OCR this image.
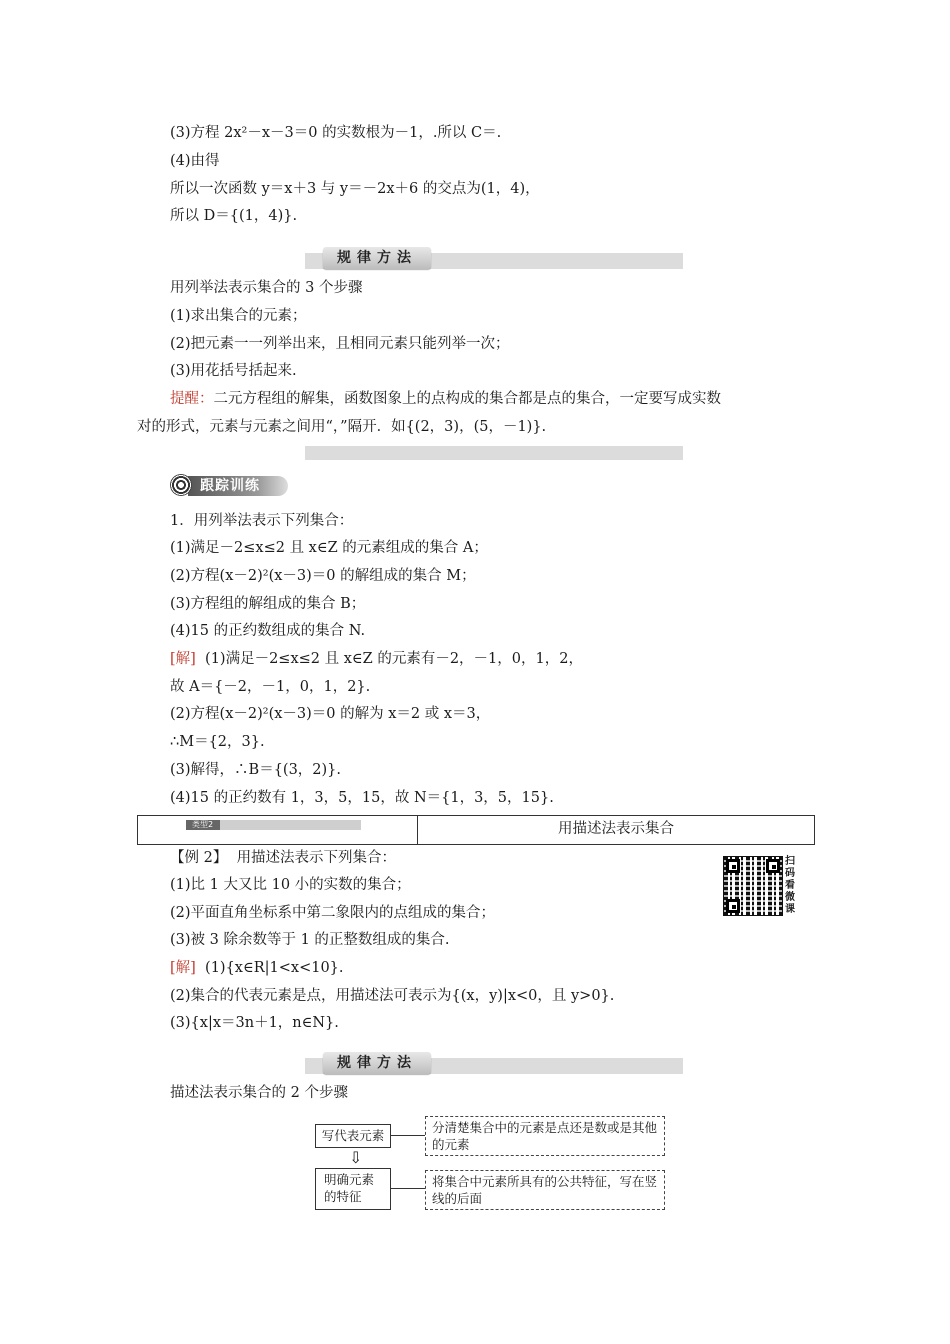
(3)方程 2x²－x－3＝0 的实数根为－1，.所以 C＝.
(4)由得
所以一次函数 y＝x＋3 与 y＝－2x＋6 的交点为(1，4)，
所以 D＝{(1，4)}.
规律方法
用列举法表示集合的 3 个步骤
(1)求出集合的元素；
(2)把元素一一列举出来，且相同元素只能列举一次；
(3)用花括号括起来.
提醒：二元方程组的解集，函数图象上的点构成的集合都是点的集合，一定要写成实数
对的形式，元素与元素之间用“，”隔开．如{(2，3)，(5，－1)}.
跟踪训练
1．用列举法表示下列集合：
(1)满足－2≤x≤2 且 x∈Z 的元素组成的集合 A；
(2)方程(x－2)²(x－3)＝0 的解组成的集合 M；
(3)方程组的解组成的集合 B；
(4)15 的正约数组成的集合 N.
[解] (1)满足－2≤x≤2 且 x∈Z 的元素有－2，－1，0，1，2，
故 A＝{－2，－1，0，1，2}.
(2)方程(x－2)²(x－3)＝0 的解为 x＝2 或 x＝3，
∴M＝{2，3}.
(3)解得，∴B＝{(3，2)}.
(4)15 的正约数有 1，3，5，15，故 N＝{1，3，5，15}.
类型2	用描述法表示集合
【例 2】 用描述法表示下列集合：	扫码看微课
(1)比 1 大又比 10 小的实数的集合；
(2)平面直角坐标系中第二象限内的点组成的集合；
(3)被 3 除余数等于 1 的正整数组成的集合.
[解] (1){x∈R|1<x<10}.
(2)集合的代表元素是点，用描述法可表示为{(x，y)|x<0，且 y>0}.
(3){x|x＝3n＋1，n∈N}.
规律方法
描述法表示集合的 2 个步骤
写代表元素
分清楚集合中的元素是点还是数或是其他的元素
⇩
明确元素的特征
将集合中元素所具有的公共特征，写在竖线的后面
